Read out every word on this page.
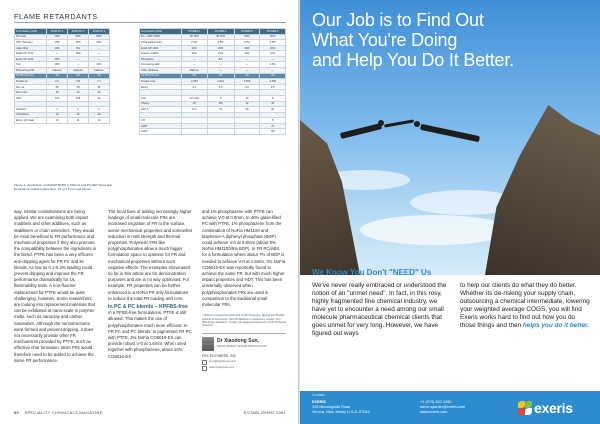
FLAME RETARDANTS
Formulation (wt%)	ZX00 PC 1	ZX00 PC 2	ZX00 PC 3
PC resin	70%	80%	83%
PPC (Ternary)	20%	15%	15%
Glass fiber	10%	5%	—
Exolit OP 1312	—	15%	—
Exolit OP 1230	15%	—	—
Talc	10%	—	30%
Processing Aids	balance	balance	balance
UL 94 (1.6 mm)	V0	V0	V0
Tensile str.	6.5	6.8	7.1
Flex str.	55	58	59
Flex mod.	15	14	13
HDT	110	105	96
Impact	2.6	2.8	3.0
Notched	2	2	3
Unnotched	15	16	20
Elong. @ break	10	11	12
Formulation (wt%)	PC/ABS 1	PC/ABS 2	PC/ABS 3	PC/ABS 4
PC + ABS 70/30	60.76%	60.76%	60%	60%
PTFE (dispersion)	0.5%	0.5%	0.5%	0.5%
Exolit OP 1400	20%	20%	20%	20%
Impact modifier	10%	10%	10%	10%
Phosphate	—	8%	—	—
Processing aids	—	—	—	0.5%
Other additives	balance	—	—	—
UL 94 (0.8 mm)	V0	V0	V0	V0
Tensile mod.	2,280	2,310	2,350	2,390
Elong.	4.5	4.2	4.0	3.9
Impact	Notched	Unnotched	Charpy	HDT
Izod	not rated	9	10	8
Charpy	15	150	12	18
HDT A	72.2	70	68	66
Other				0.4
CTI				8
GWIT				70
GWFI				750
Figure 4 - Application of MAP/PPMI/BD in PPO-Cl and PC-PET blend and Exolit flame retarded glass fiber, V0 at 1.6 mm and thinner

way. Similar considerations are being applied. We are examining both impact modifiers and other additives, such as stabilisers or chain extenders. They would be most beneficial to FR performance and mechanical properties if they also promote the compatibility between the ingredients in the blend. PTFE has been a very efficient anti-dripping agent for FR PC and its blends. As low as 0.1-0.3% loading could prevent dripping and improve the FR performance dramatically for UL flammability tests. A non-fluorine replacement for PTFE would be quite challenging, however. Some researchers are looking into replacement materials that can be exfoliated at nano-scale in polymer melts, such as nanoclay and carbon nanotubes. Although the nanostructures were formed and prevent dripping, it does not necessarily provide other FR mechanisms provided by PTFE, such as effective char formation. More FRs would therefore need to be added to achieve the same FR performance.

The focal fixes of adding increasingly higher loadings of small-molecule FRs are increased migration of FR to the surface, worse mechanical properties and somewhat reduction in melt strength and thermal properties. Polymeric FRs like polyphosphonates allow a much bigger formulation space to optimise for FR and mechanical properties without such negative effects. The examples showcased so far in this article are for demonstration purposes and are in no way optimised. For example, FR properties can be further enhanced in a NoFia FR only formulations to reduce the total FR loading and cost.

In PC & PC blends – KPFBS-free

In a PFBS-free formulations, PTFE is still allowed. This makes the use of polyphosphonates much more efficient. In FR PC and PC blends. In pigmented FR PC with PTFE, 2% NoFia CO6010-EX can provide robust V-0 at 1.6mm. When used together with phosphazene, about 10% CO6010-EX

and 1% phosphazene with PTFE can achieve V-0 at 0.8mm. In 40% glass-filled PC with PTFE, 1% phosphazene from the combination of NoFia HM1100 and bisphenol-A diphenyl phosphate (BDP) could achieve V-0 at 0.8mm (about 5% NoFia HM1100/5% BDP). In FR PC/ABS, for a formulation where about 7% of BDP is needed to achieve V-0 at 1.6mm, 3% NoFia CO6010-EX was reportedly found to achieve the same FR, but with much higher impact properties and HDT. This has been universally observed when polyphosphonates FRs are used in comparison to the traditional small molecular FRs.

* NoFia is a registered trademark of FRX Polymers. Special and flexible polymer environments, with FR additives or equipment, contact: Ken Weinberger Research. Contact: for equipment behaviour of FR functional Schemes
Dr Xiaodong Sun,
DEVELOPMENT SENIOR APPLICATIONS
FRX POLYMERS, INC
xsun@frxpolymers.com
www.frxpolymers.com
60 SPECIALITY CHEMICALS MAGAZINE	ESTABLISHED 1981
Our Job is to Find Out
What You're Doing
and Help You Do It Better.
We Know You Don't "NEED" Us
We've never really embraced or understood the notion of an "unmet need". In fact, in this rosy, highly fragmented fine chemical industry, we have yet to encounter a need among our small molecule pharmaceutical chemical clients that goes unmet for very long. However, we have figured out ways
to help our clients do what they do better. Whether its de-risking your supply chain, outsourcing a chemical intermediate, lowering your weighted average COGS, you will find Exeris works hard to find out how you do those things and then helps you do it better.
Contact:
EXERIS
105 Morningside Road
Verona, New Jersey U.S.A. 07044
+1 (973) 452-1260
steve.sparder@exeris.com
www.exeris.com	exeris
